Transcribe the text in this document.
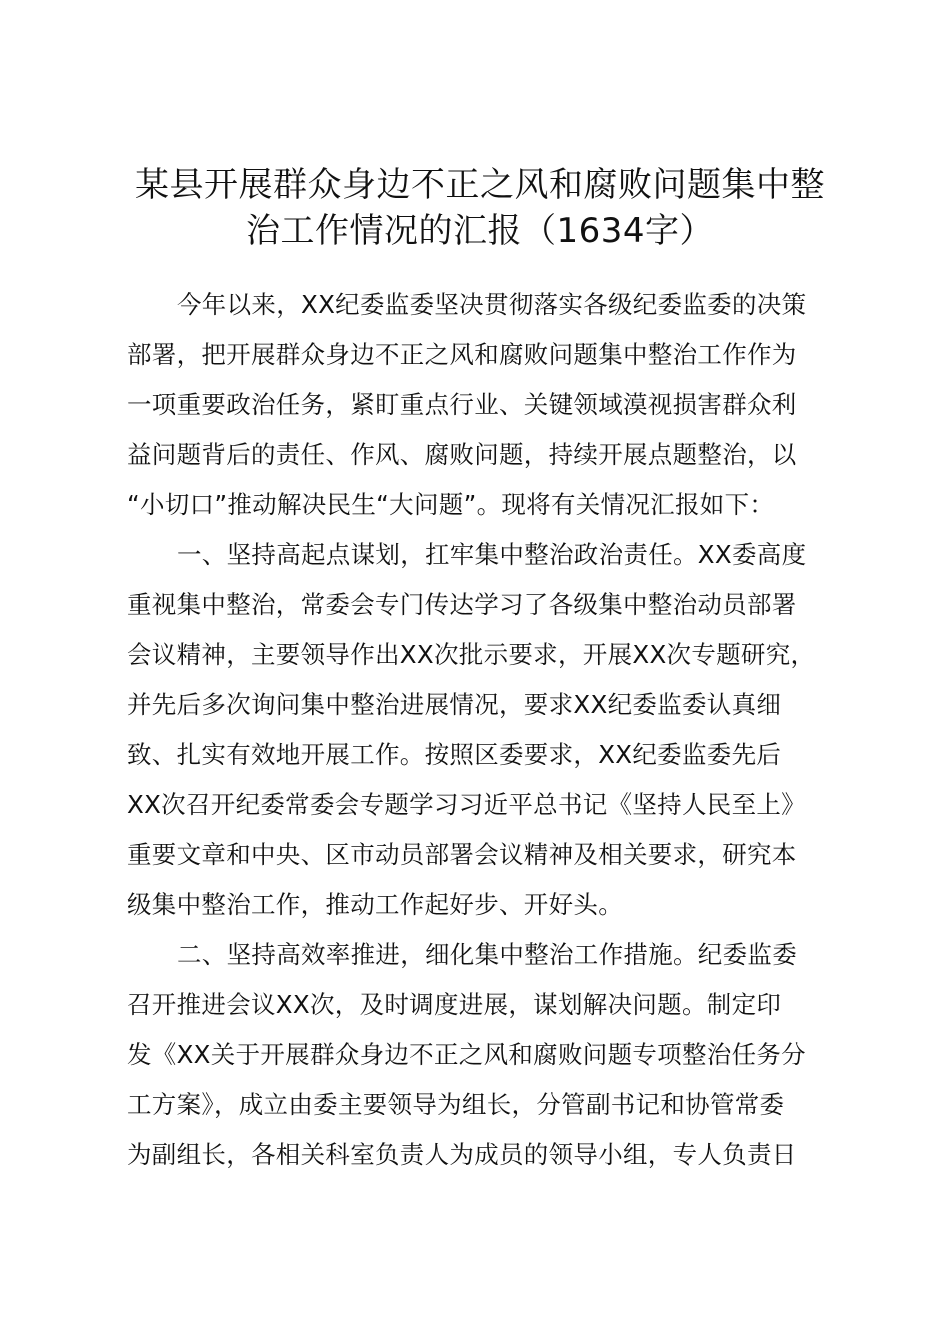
某县开展群众身边不正之风和腐败问题集中整
治工作情况的汇报（1634字）
今年以来，XX纪委监委坚决贯彻落实各级纪委监委的决策
部署，把开展群众身边不正之风和腐败问题集中整治工作作为
一项重要政治任务，紧盯重点行业、关键领域漠视损害群众利
益问题背后的责任、作风、腐败问题，持续开展点题整治，以
“小切口”推动解决民生“大问题”。现将有关情况汇报如下：
一、坚持高起点谋划，扛牢集中整治政治责任。XX委高度
重视集中整治，常委会专门传达学习了各级集中整治动员部署
会议精神，主要领导作出XX次批示要求，开展XX次专题研究，
并先后多次询问集中整治进展情况，要求XX纪委监委认真细
致、扎实有效地开展工作。按照区委要求，XX纪委监委先后
XX次召开纪委常委会专题学习习近平总书记《坚持人民至上》
重要文章和中央、区市动员部署会议精神及相关要求，研究本
级集中整治工作，推动工作起好步、开好头。
二、坚持高效率推进，细化集中整治工作措施。纪委监委
召开推进会议XX次，及时调度进展，谋划解决问题。制定印
发《XX关于开展群众身边不正之风和腐败问题专项整治任务分
工方案》，成立由委主要领导为组长，分管副书记和协管常委
为副组长，各相关科室负责人为成员的领导小组，专人负责日
